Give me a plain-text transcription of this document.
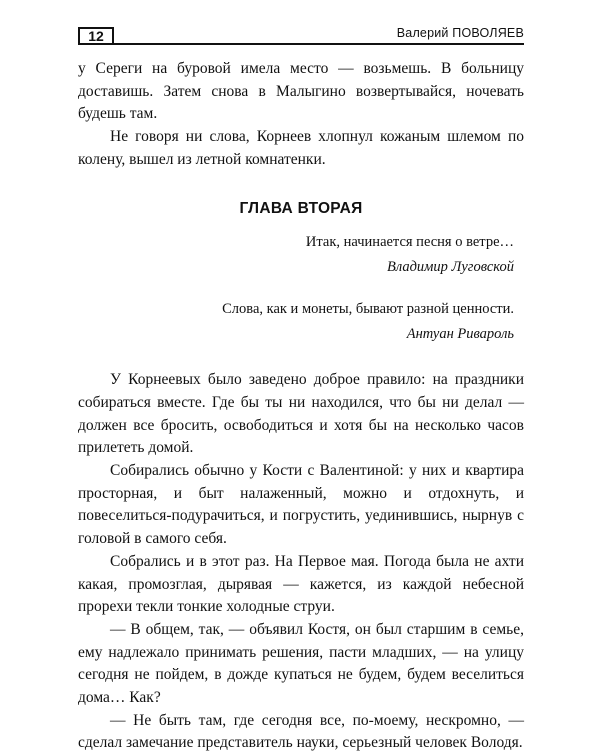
12	Валерий ПОВОЛЯЕВ

у Сереги на буровой имела место — возьмешь. В больницу доставишь. Затем снова в Малыгино возвертывайся, ночевать будешь там.

Не говоря ни слова, Корнеев хлопнул кожаным шлемом по колену, вышел из летной комнатенки.

ГЛАВА ВТОРАЯ
Итак, начинается песня о ветре…
Владимир Луговской
Слова, как и монеты, бывают разной ценности.
Антуан Ривароль

У Корнеевых было заведено доброе правило: на праздники собираться вместе. Где бы ты ни находился, что бы ни делал — должен все бросить, освободиться и хотя бы на несколько часов прилететь домой.

Собирались обычно у Кости с Валентиной: у них и квартира просторная, и быт налаженный, можно и отдохнуть, и повеселиться-подурачиться, и погрустить, уединившись, нырнув с головой в самого себя.

Собрались и в этот раз. На Первое мая. Погода была не ахти какая, промозглая, дырявая — кажется, из каждой небесной прорехи текли тонкие холодные струи.

— В общем, так, — объявил Костя, он был старшим в семье, ему надлежало принимать решения, пасти младших, — на улицу сегодня не пойдем, в дожде купаться не будем, будем веселиться дома… Как?

— Не быть там, где сегодня все, по-моему, нескромно, — сделал замечание представитель науки, серьезный человек Володя.
